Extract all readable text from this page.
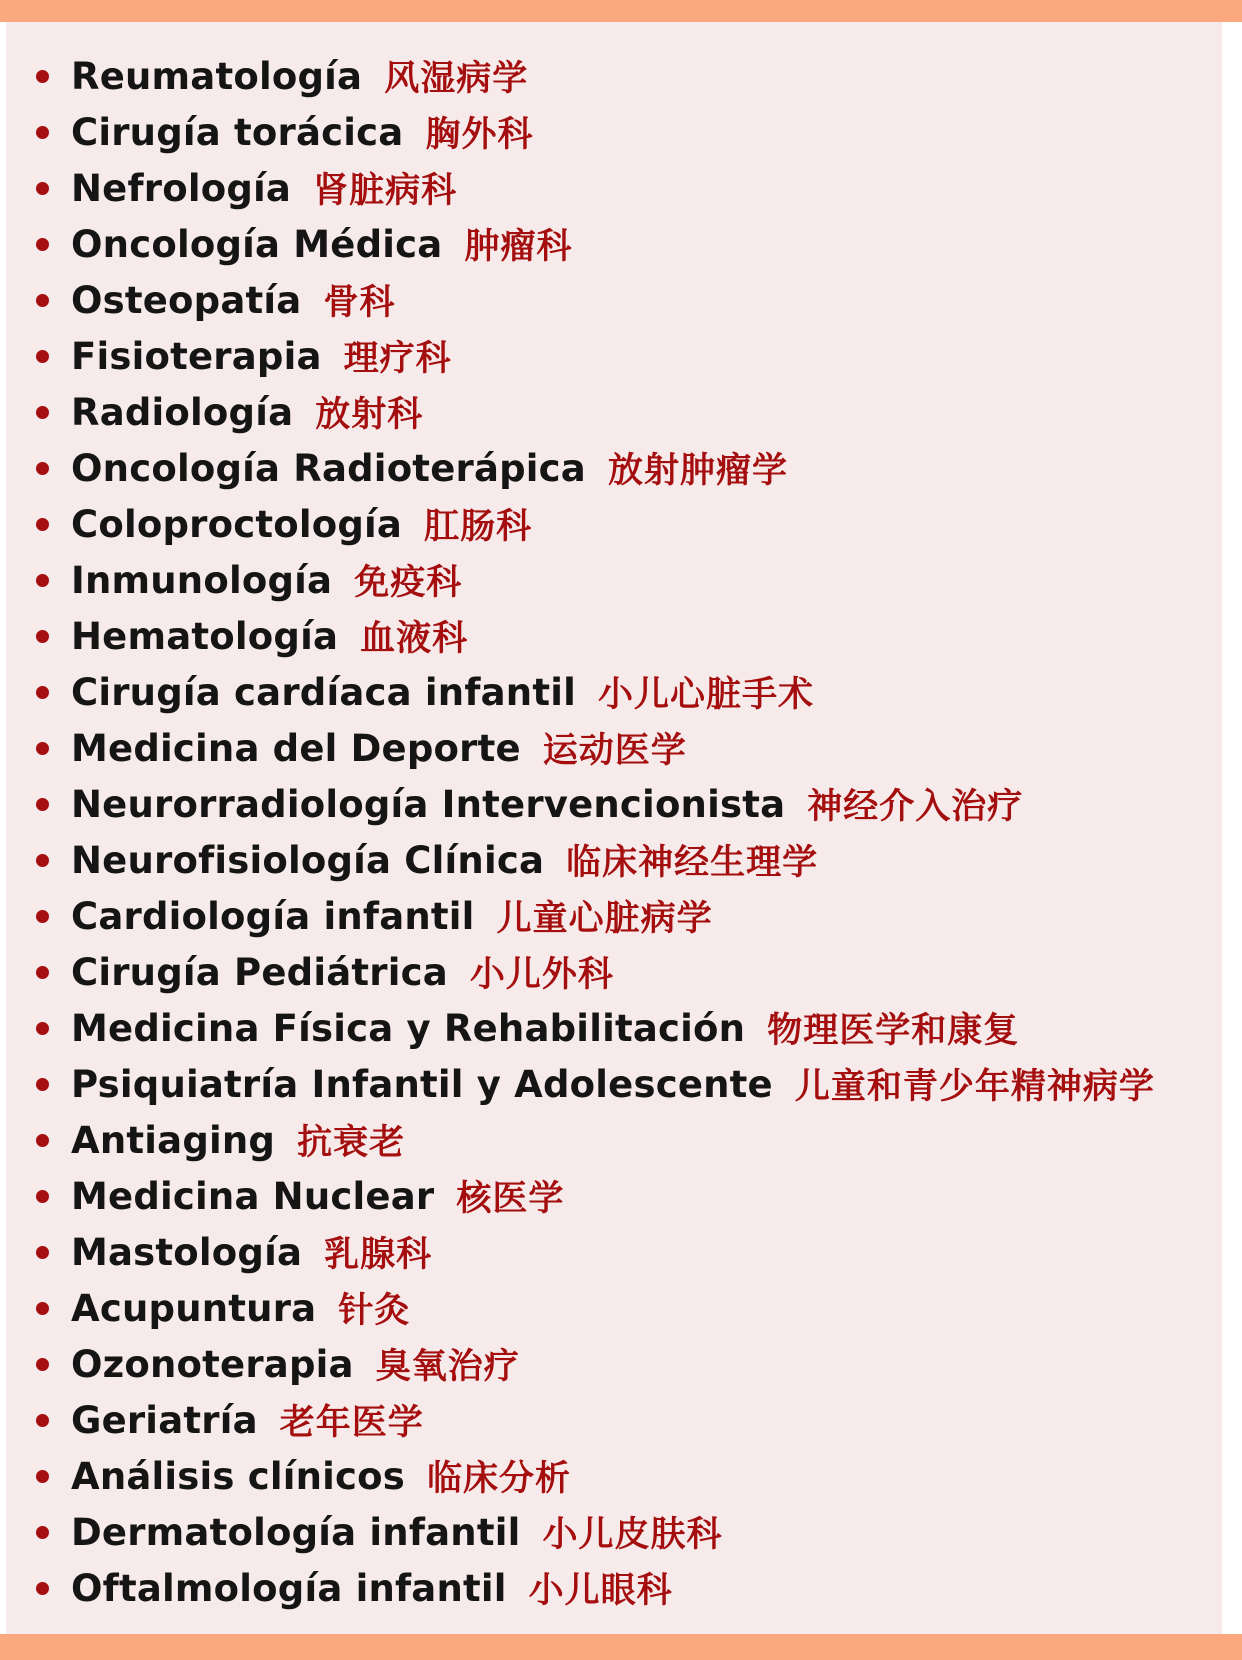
Reumatología 风湿病学
Cirugía torácica 胸外科
Nefrología 肾脏病科
Oncología Médica 肿瘤科
Osteopatía 骨科
Fisioterapia 理疗科
Radiología 放射科
Oncología Radioterápica 放射肿瘤学
Coloproctología 肛肠科
Inmunología 免疫科
Hematología 血液科
Cirugía cardíaca infantil 小儿心脏手术
Medicina del Deporte 运动医学
Neurorradiología Intervencionista 神经介入治疗
Neurofisiología Clínica 临床神经生理学
Cardiología infantil 儿童心脏病学
Cirugía Pediátrica 小儿外科
Medicina Física y Rehabilitación 物理医学和康复
Psiquiatría Infantil y Adolescente 儿童和青少年精神病学
Antiaging 抗衰老
Medicina Nuclear 核医学
Mastología 乳腺科
Acupuntura 针灸
Ozonoterapia 臭氧治疗
Geriatría 老年医学
Análisis clínicos 临床分析
Dermatología infantil 小儿皮肤科
Oftalmología infantil 小儿眼科
